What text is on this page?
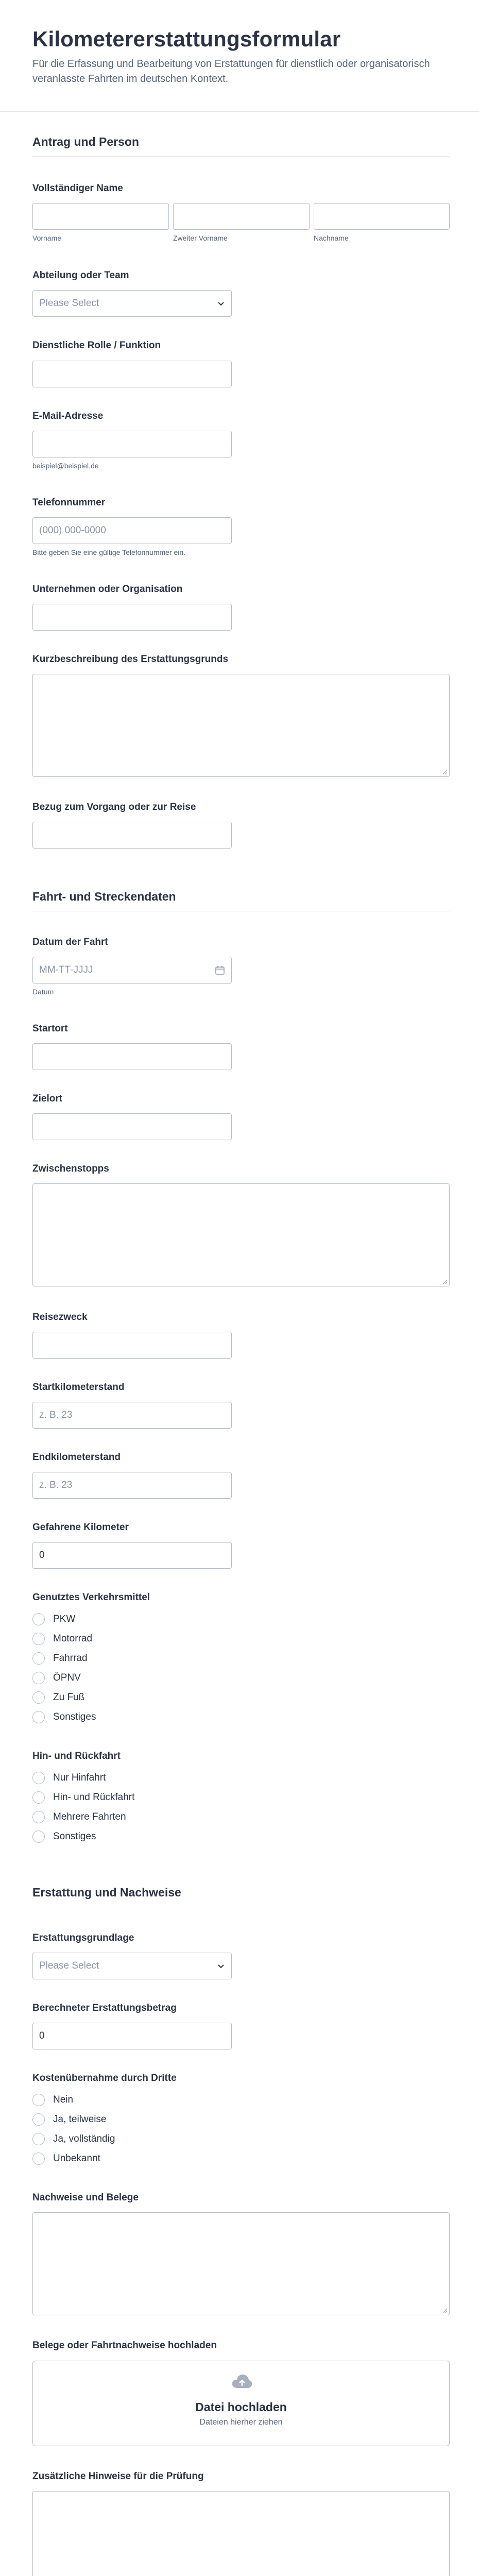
Kilometererstattungsformular
Für die Erfassung und Bearbeitung von Erstattungen für dienstlich oder organisatorisch veranlasste Fahrten im deutschen Kontext.
Antrag und Person
Vollständiger Name
Vorname	Zweiter Vorname	Nachname
Abteilung oder Team
Please Select
Dienstliche Rolle / Funktion
E-Mail-Adresse
beispiel@beispiel.de
Telefonnummer
(000) 000-0000
Bitte geben Sie eine gültige Telefonnummer ein.
Unternehmen oder Organisation
Kurzbeschreibung des Erstattungsgrunds
Bezug zum Vorgang oder zur Reise
Fahrt- und Streckendaten
Datum der Fahrt
MM-TT-JJJJ
Datum
Startort
Zielort
Zwischenstopps
Reisezweck
Startkilometerstand
z. B. 23
Endkilometerstand
z. B. 23
Gefahrene Kilometer
0
Genutztes Verkehrsmittel
PKW
Motorrad
Fahrrad
ÖPNV
Zu Fuß
Sonstiges
Hin- und Rückfahrt
Nur Hinfahrt
Hin- und Rückfahrt
Mehrere Fahrten
Sonstiges
Erstattung und Nachweise
Erstattungsgrundlage
Please Select
Berechneter Erstattungsbetrag
0
Kostenübernahme durch Dritte
Nein
Ja, teilweise
Ja, vollständig
Unbekannt
Nachweise und Belege
Belege oder Fahrtnachweise hochladen
Datei hochladen
Dateien hierher ziehen
Zusätzliche Hinweise für die Prüfung
